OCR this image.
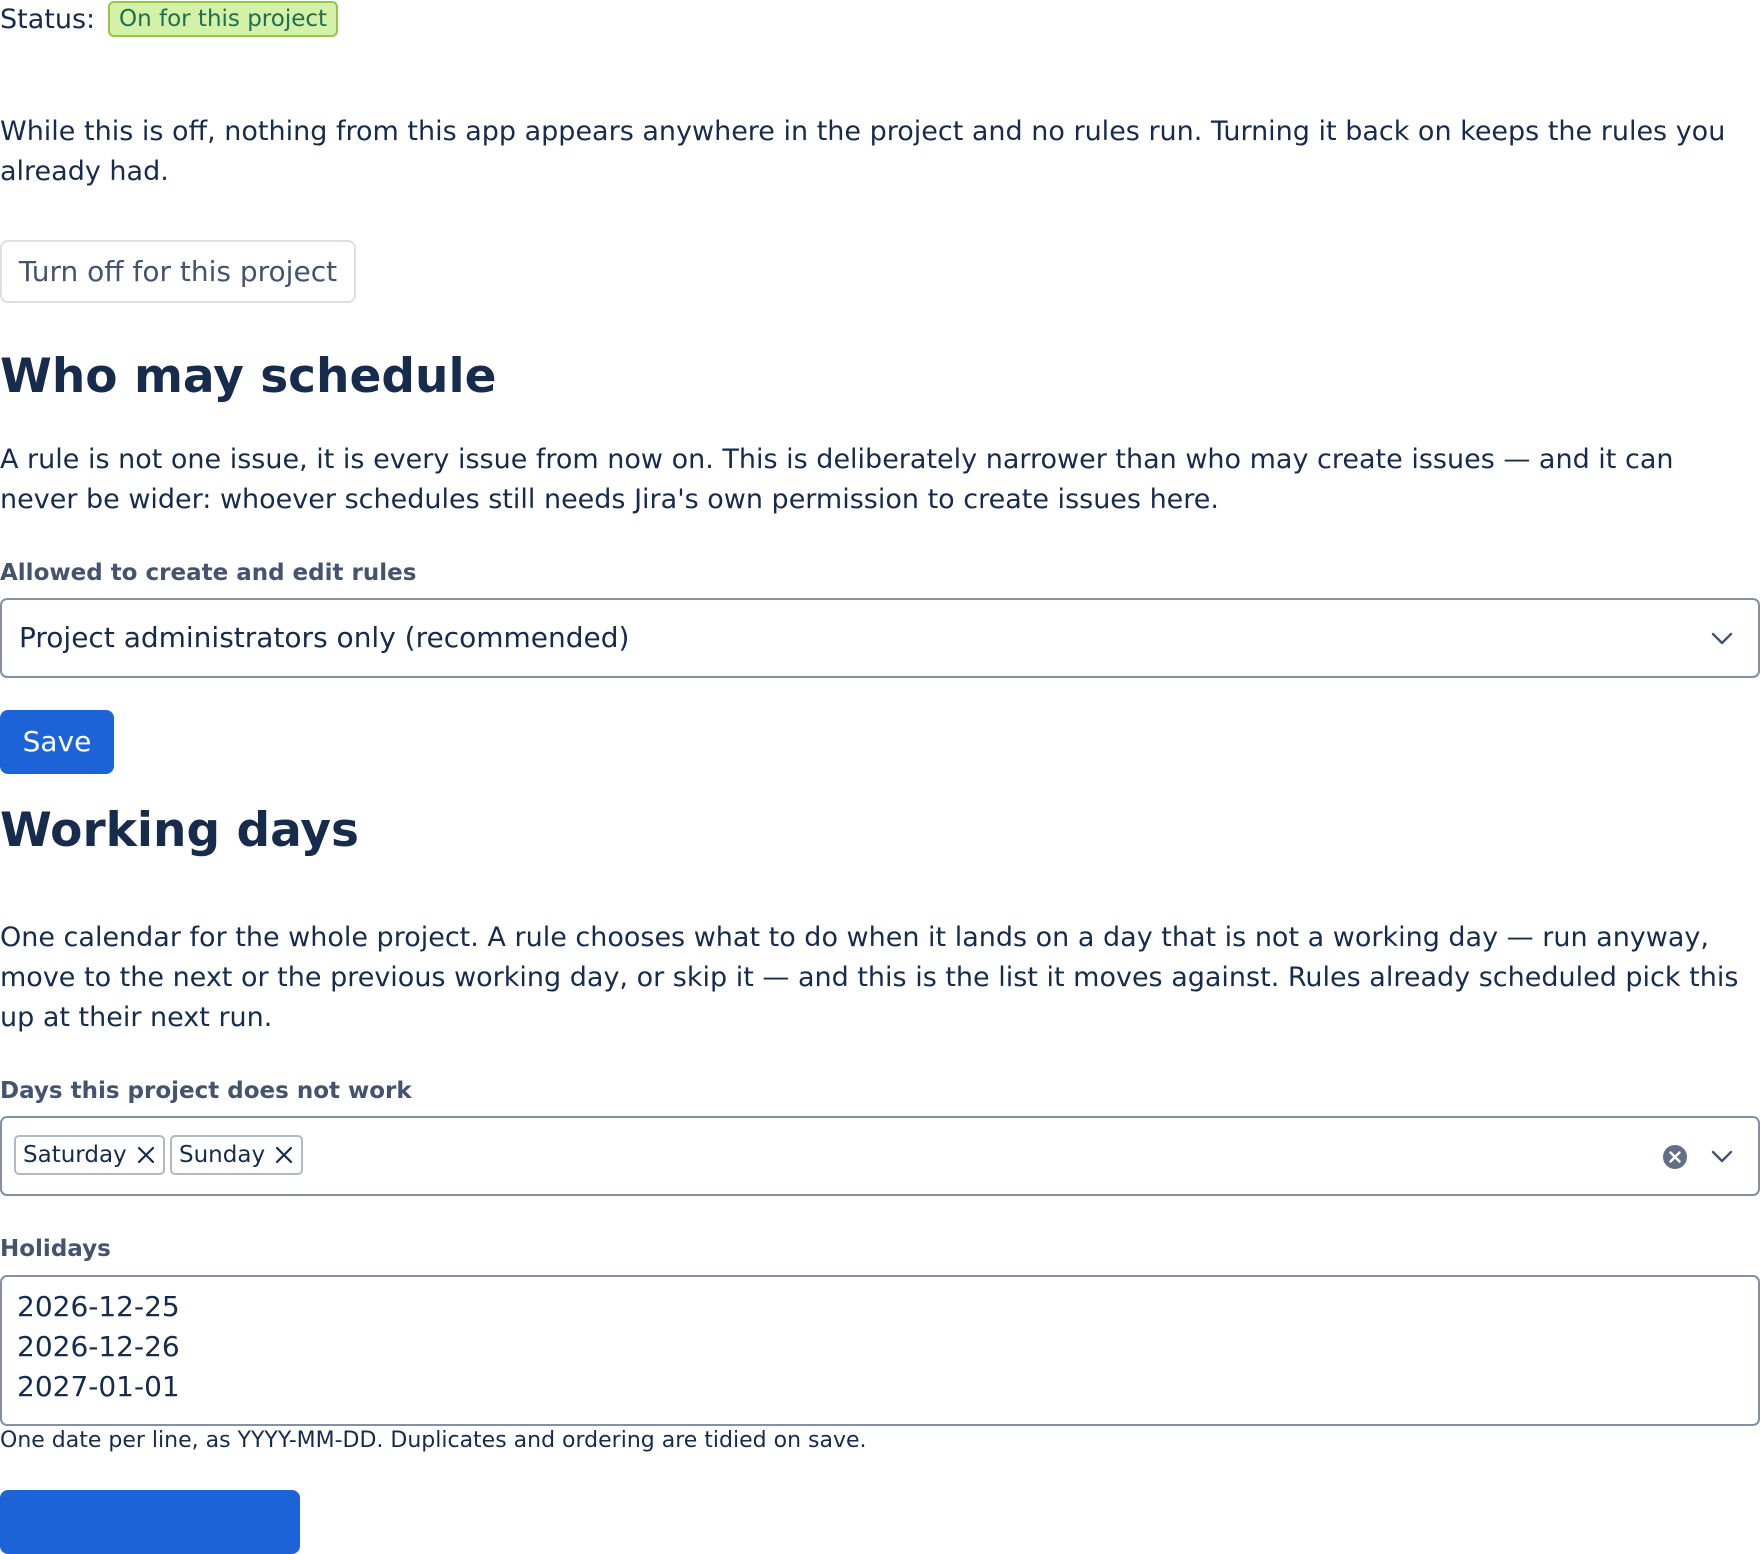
Status:	On for this project

While this is off, nothing from this app appears anywhere in the project and no rules run. Turning it back on keeps the rules you already had.

Turn off for this project
Who may schedule

A rule is not one issue, it is every issue from now on. This is deliberately narrower than who may create issues — and it can never be wider: whoever schedules still needs Jira's own permission to create issues here.

Allowed to create and edit rules
Project administrators only (recommended)
Save
Working days

One calendar for the whole project. A rule chooses what to do when it lands on a day that is not a working day — run anyway, move to the next or the previous working day, or skip it — and this is the list it moves against. Rules already scheduled pick this up at their next run.

Days this project does not work
Saturday Sunday
Holidays
2026-12-25
2026-12-26
2027-01-01
One date per line, as YYYY-MM-DD. Duplicates and ordering are tidied on save.
